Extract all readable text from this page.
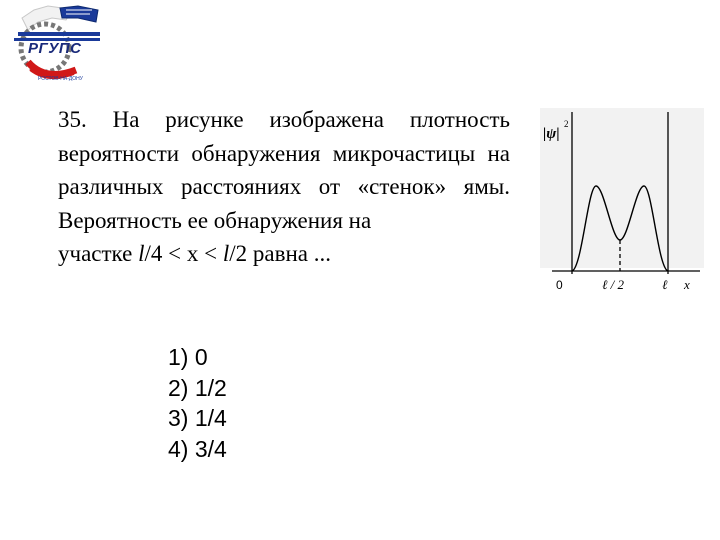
РОСТОВ-НА-ДОНУ
РГУПС
35. На рисунке изображена плотность вероятности обнаружения микрочастицы на различных расстояниях от «стенок» ямы. Вероятность ее обнаружения на
участке l/4 < x < l/2 равна ...
1) 0
2) 1/2
3) 1/4
4) 3/4
|ψ|
2
0	ℓ / 2	ℓ x
